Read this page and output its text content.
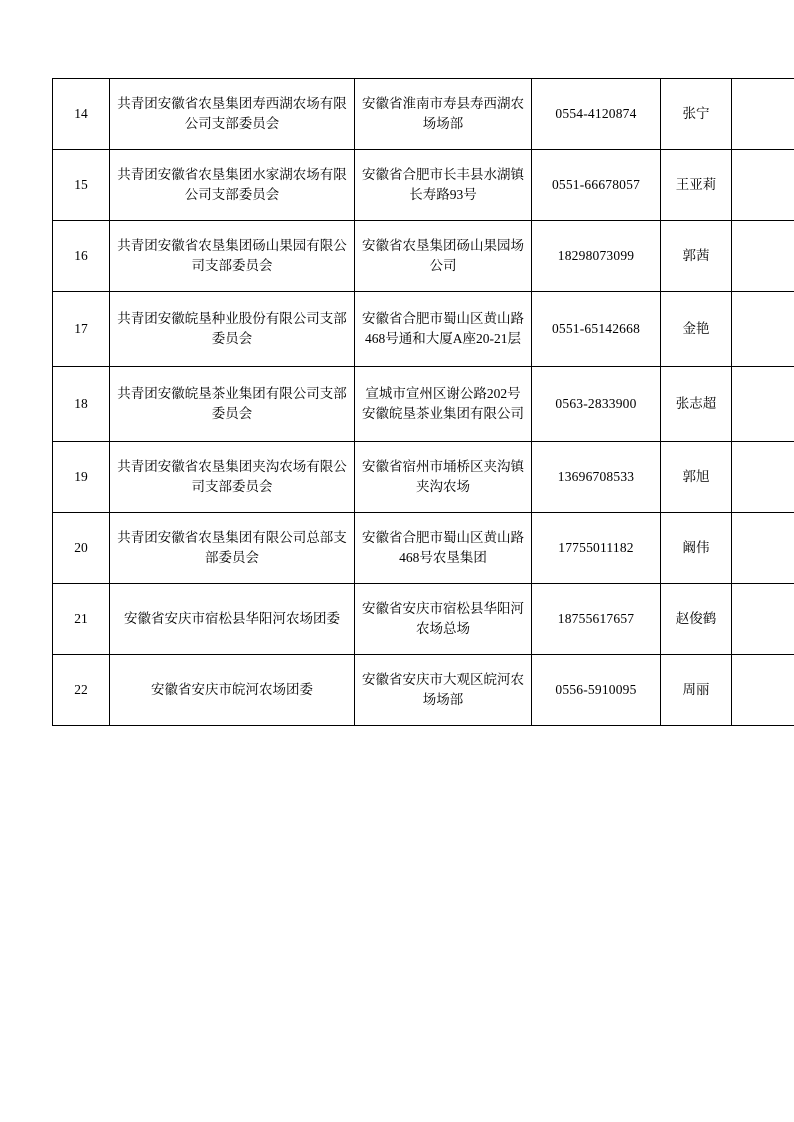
14	共青团安徽省农垦集团寿西湖农场有限公司支部委员会	安徽省淮南市寿县寿西湖农场场部	0554-4120874	张宁	
15	共青团安徽省农垦集团水家湖农场有限公司支部委员会	安徽省合肥市长丰县水湖镇长寿路93号	0551-66678057	王亚莉	
16	共青团安徽省农垦集团砀山果园有限公司支部委员会	安徽省农垦集团砀山果园场公司	18298073099	郭茜	
17	共青团安徽皖垦种业股份有限公司支部委员会	安徽省合肥市蜀山区黄山路468号通和大厦A座20-21层	0551-65142668	金艳	
18	共青团安徽皖垦茶业集团有限公司支部委员会	宣城市宣州区谢公路202号安徽皖垦茶业集团有限公司	0563-2833900	张志超	
19	共青团安徽省农垦集团夹沟农场有限公司支部委员会	安徽省宿州市埇桥区夹沟镇夹沟农场	13696708533	郭旭	
20	共青团安徽省农垦集团有限公司总部支部委员会	安徽省合肥市蜀山区黄山路468号农垦集团	17755011182	阚伟	
21	安徽省安庆市宿松县华阳河农场团委	安徽省安庆市宿松县华阳河农场总场	18755617657	赵俊鹤	
22	安徽省安庆市皖河农场团委	安徽省安庆市大观区皖河农场场部	0556-5910095	周丽	
